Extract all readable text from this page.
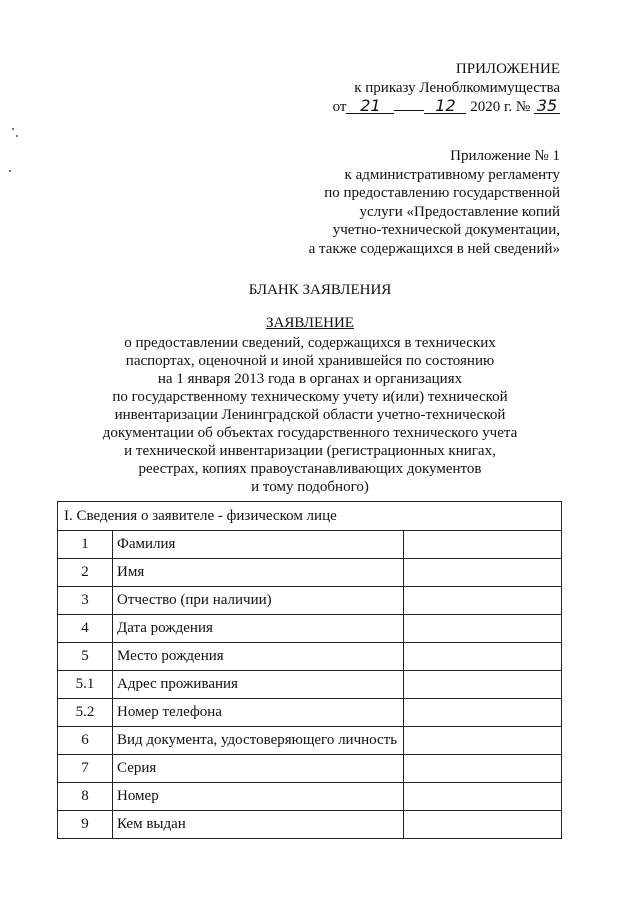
ПРИЛОЖЕНИЕ
к приказу Леноблкомимущества
от 21	12 2020 г. № 35
Приложение № 1
к административному регламенту
по предоставлению государственной
услуги «Предоставление копий
учетно-технической документации,
а также содержащихся в ней сведений»
БЛАНК ЗАЯВЛЕНИЯ
ЗАЯВЛЕНИЕ
о предоставлении сведений, содержащихся в технических
паспортах, оценочной и иной хранившейся по состоянию
на 1 января 2013 года в органах и организациях
по государственному техническому учету и(или) технической
инвентаризации Ленинградской области учетно-технической
документации об объектах государственного технического учета
и технической инвентаризации (регистрационных книгах,
реестрах, копиях правоустанавливающих документов
и тому подобного)
I. Сведения о заявителе - физическом лице		
1	Фамилия	
2	Имя	
3	Отчество (при наличии)	
4	Дата рождения	
5	Место рождения	
5.1	Адрес проживания	
5.2	Номер телефона	
6	Вид документа, удостоверяющего личность	
7	Серия	
8	Номер	
9	Кем выдан	
